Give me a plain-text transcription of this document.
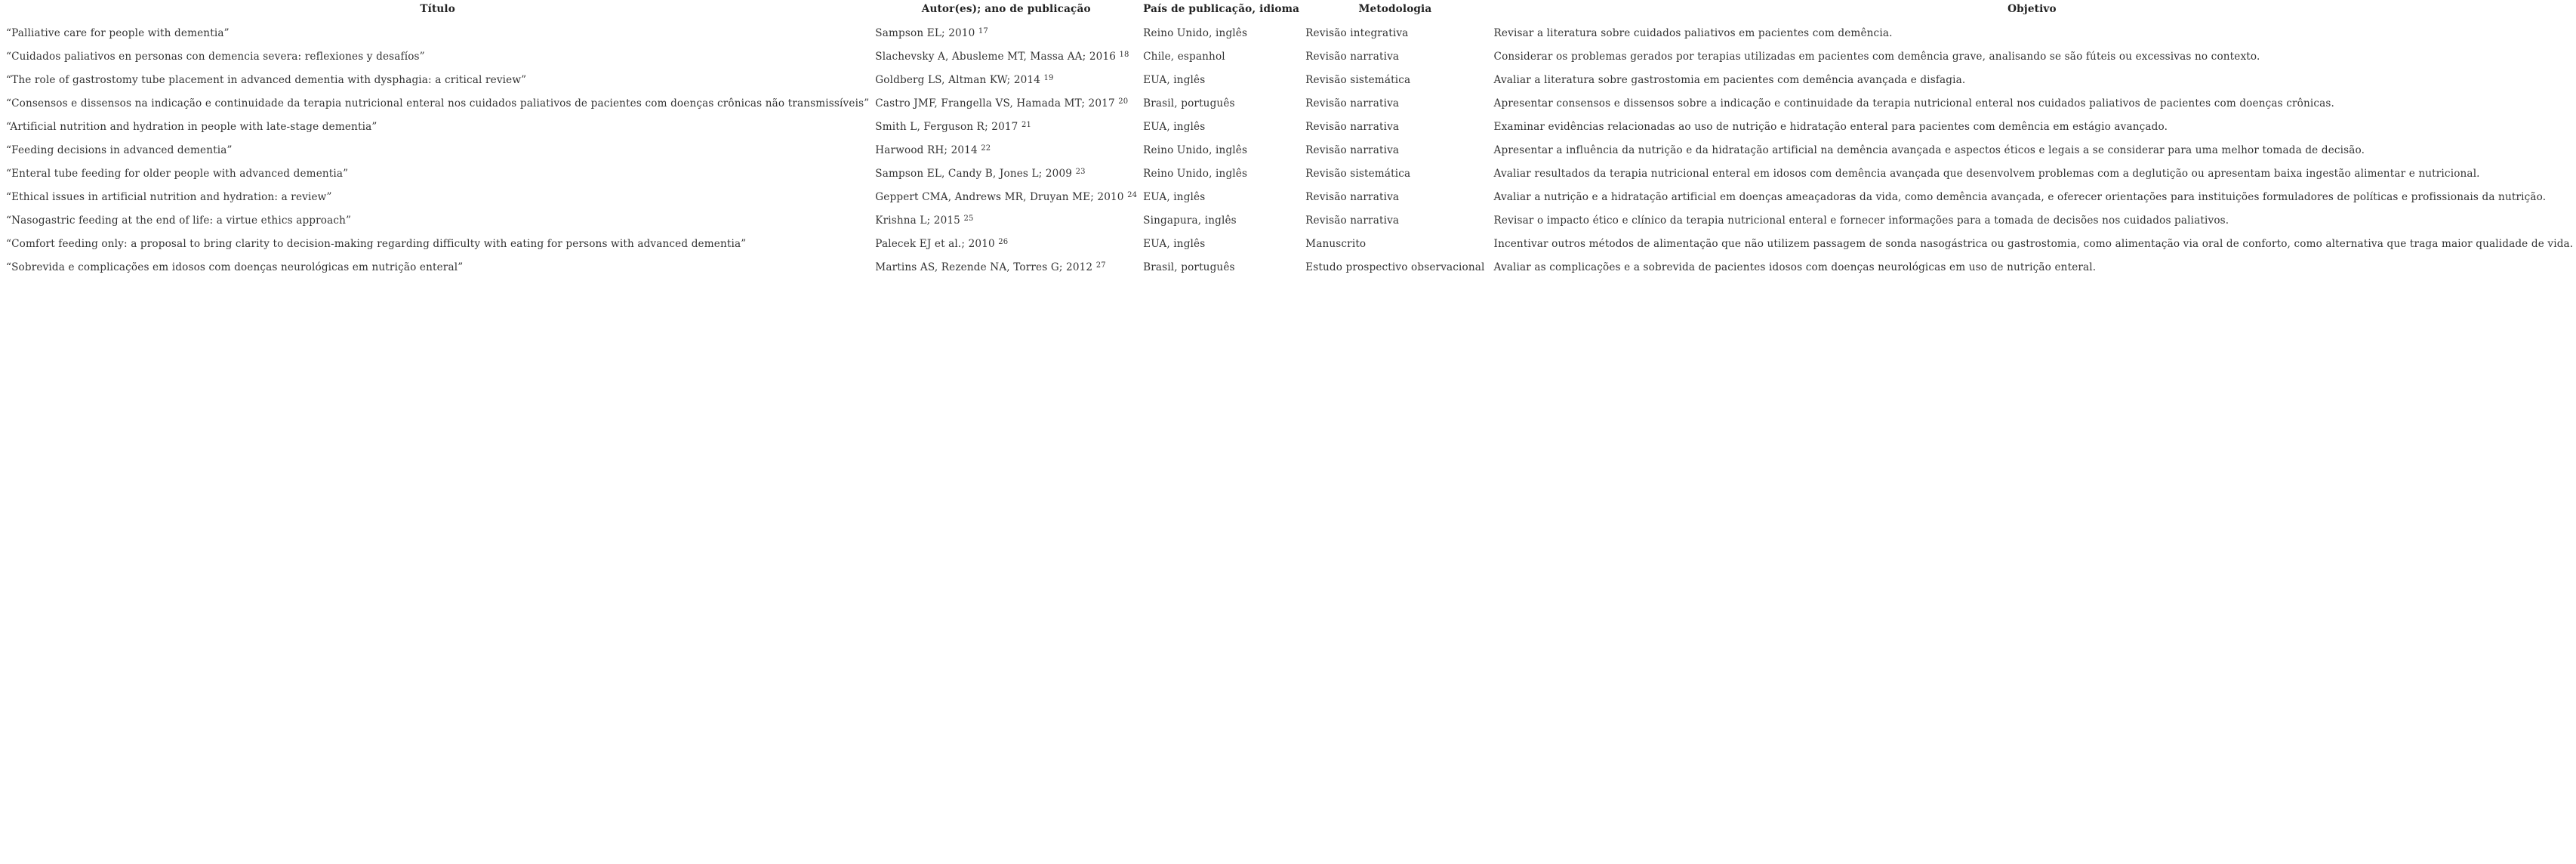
Título	Autor(es); ano de publicação	País de publicação, idioma	Metodologia	Objetivo
“Palliative care for people with dementia”	Sampson EL; 2010 $^{17}$	Reino Unido, inglês	Revisão integrativa	Revisar a literatura sobre cuidados paliativos em pacientes com demência.
“Cuidados paliativos en personas con demencia severa: reflexiones y desafíos”	Slachevsky A, Abusleme MT, Massa AA; 2016 $^{18}$	Chile, espanhol	Revisão narrativa	Considerar os problemas gerados por terapias utilizadas em pacientes com demência grave, analisando se são fúteis ou excessivas no contexto.
“The role of gastrostomy tube placement in advanced dementia with dysphagia: a critical review”	Goldberg LS, Altman KW; 2014 $^{19}$	EUA, inglês	Revisão sistemática	Avaliar a literatura sobre gastrostomia em pacientes com demência avançada e disfagia.
“Consensos e dissensos na indicação e continuidade da terapia nutricional enteral nos cuidados paliativos de pacientes com doenças crônicas não transmissíveis”	Castro JMF, Frangella VS, Hamada MT; 2017 $^{20}$	Brasil, português	Revisão narrativa	Apresentar consensos e dissensos sobre a indicação e continuidade da terapia nutricional enteral nos cuidados paliativos de pacientes com doenças crônicas.
“Artificial nutrition and hydration in people with late-stage dementia”	Smith L, Ferguson R; 2017 $^{21}$	EUA, inglês	Revisão narrativa	Examinar evidências relacionadas ao uso de nutrição e hidratação enteral para pacientes com demência em estágio avançado.
“Feeding decisions in advanced dementia”	Harwood RH; 2014 $^{22}$	Reino Unido, inglês	Revisão narrativa	Apresentar a influência da nutrição e da hidratação artificial na demência avançada e aspectos éticos e legais a se considerar para uma melhor tomada de decisão.
“Enteral tube feeding for older people with advanced dementia”	Sampson EL, Candy B, Jones L; 2009 $^{23}$	Reino Unido, inglês	Revisão sistemática	Avaliar resultados da terapia nutricional enteral em idosos com demência avançada que desenvolvem problemas com a deglutição ou apresentam baixa ingestão alimentar e nutricional.
“Ethical issues in artificial nutrition and hydration: a review”	Geppert CMA, Andrews MR, Druyan ME; 2010 $^{24}$	EUA, inglês	Revisão narrativa	Avaliar a nutrição e a hidratação artificial em doenças ameaçadoras da vida, como demência avançada, e oferecer orientações para instituições formuladores de políticas e profissionais da nutrição.
“Nasogastric feeding at the end of life: a virtue ethics approach”	Krishna L; 2015 $^{25}$	Singapura, inglês	Revisão narrativa	Revisar o impacto ético e clínico da terapia nutricional enteral e fornecer informações para a tomada de decisões nos cuidados paliativos.
“Comfort feeding only: a proposal to bring clarity to decision-making regarding difficulty with eating for persons with advanced dementia”	Palecek EJ et al.; 2010 $^{26}$	EUA, inglês	Manuscrito	Incentivar outros métodos de alimentação que não utilizem passagem de sonda nasogástrica ou gastrostomia, como alimentação via oral de conforto, como alternativa que traga maior qualidade de vida.
“Sobrevida e complicações em idosos com doenças neurológicas em nutrição enteral”	Martins AS, Rezende NA, Torres G; 2012 $^{27}$	Brasil, português	Estudo prospectivo observacional	Avaliar as complicações e a sobrevida de pacientes idosos com doenças neurológicas em uso de nutrição enteral.
